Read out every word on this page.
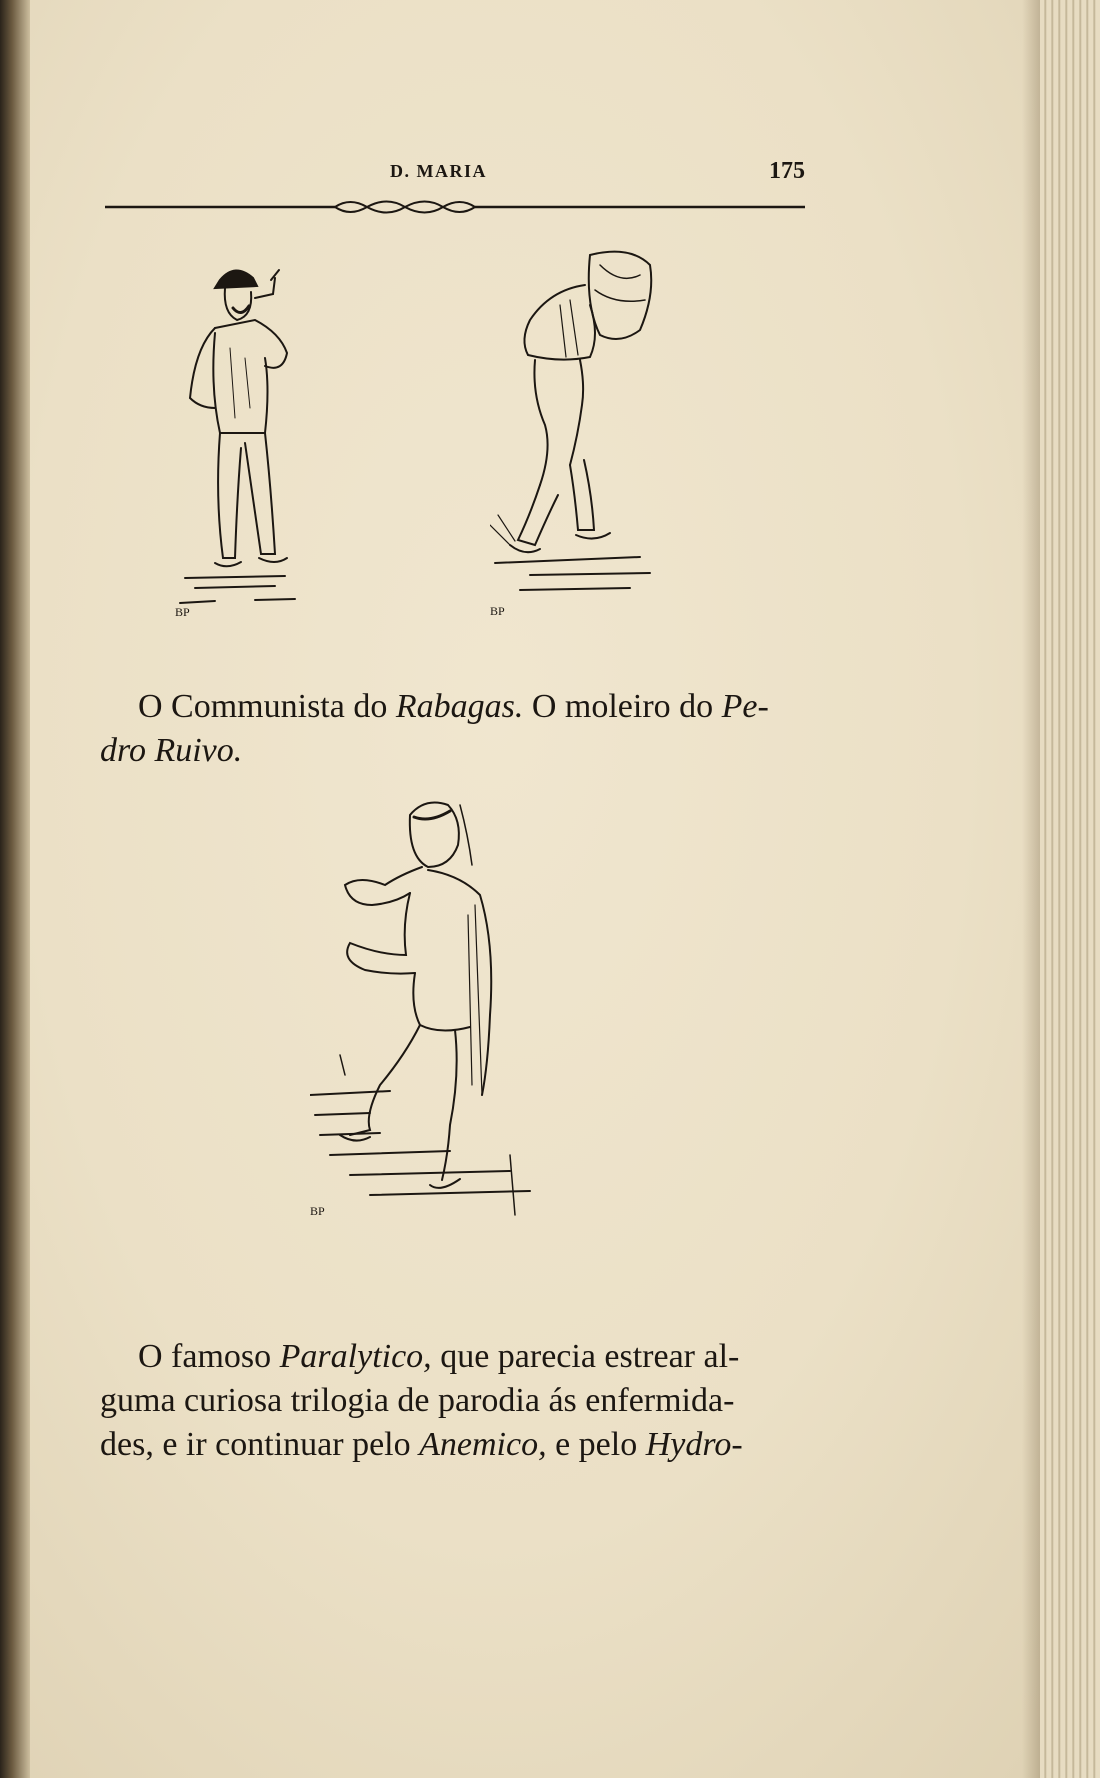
D. MARIA	175
BP	BP
O Communista do Rabagas. O moleiro do Pe-
dro Ruivo.
BP
O famoso Paralytico, que parecia estrear al-
guma curiosa trilogia de parodia ás enfermida-
des, e ir continuar pelo Anemico, e pelo Hydro-
